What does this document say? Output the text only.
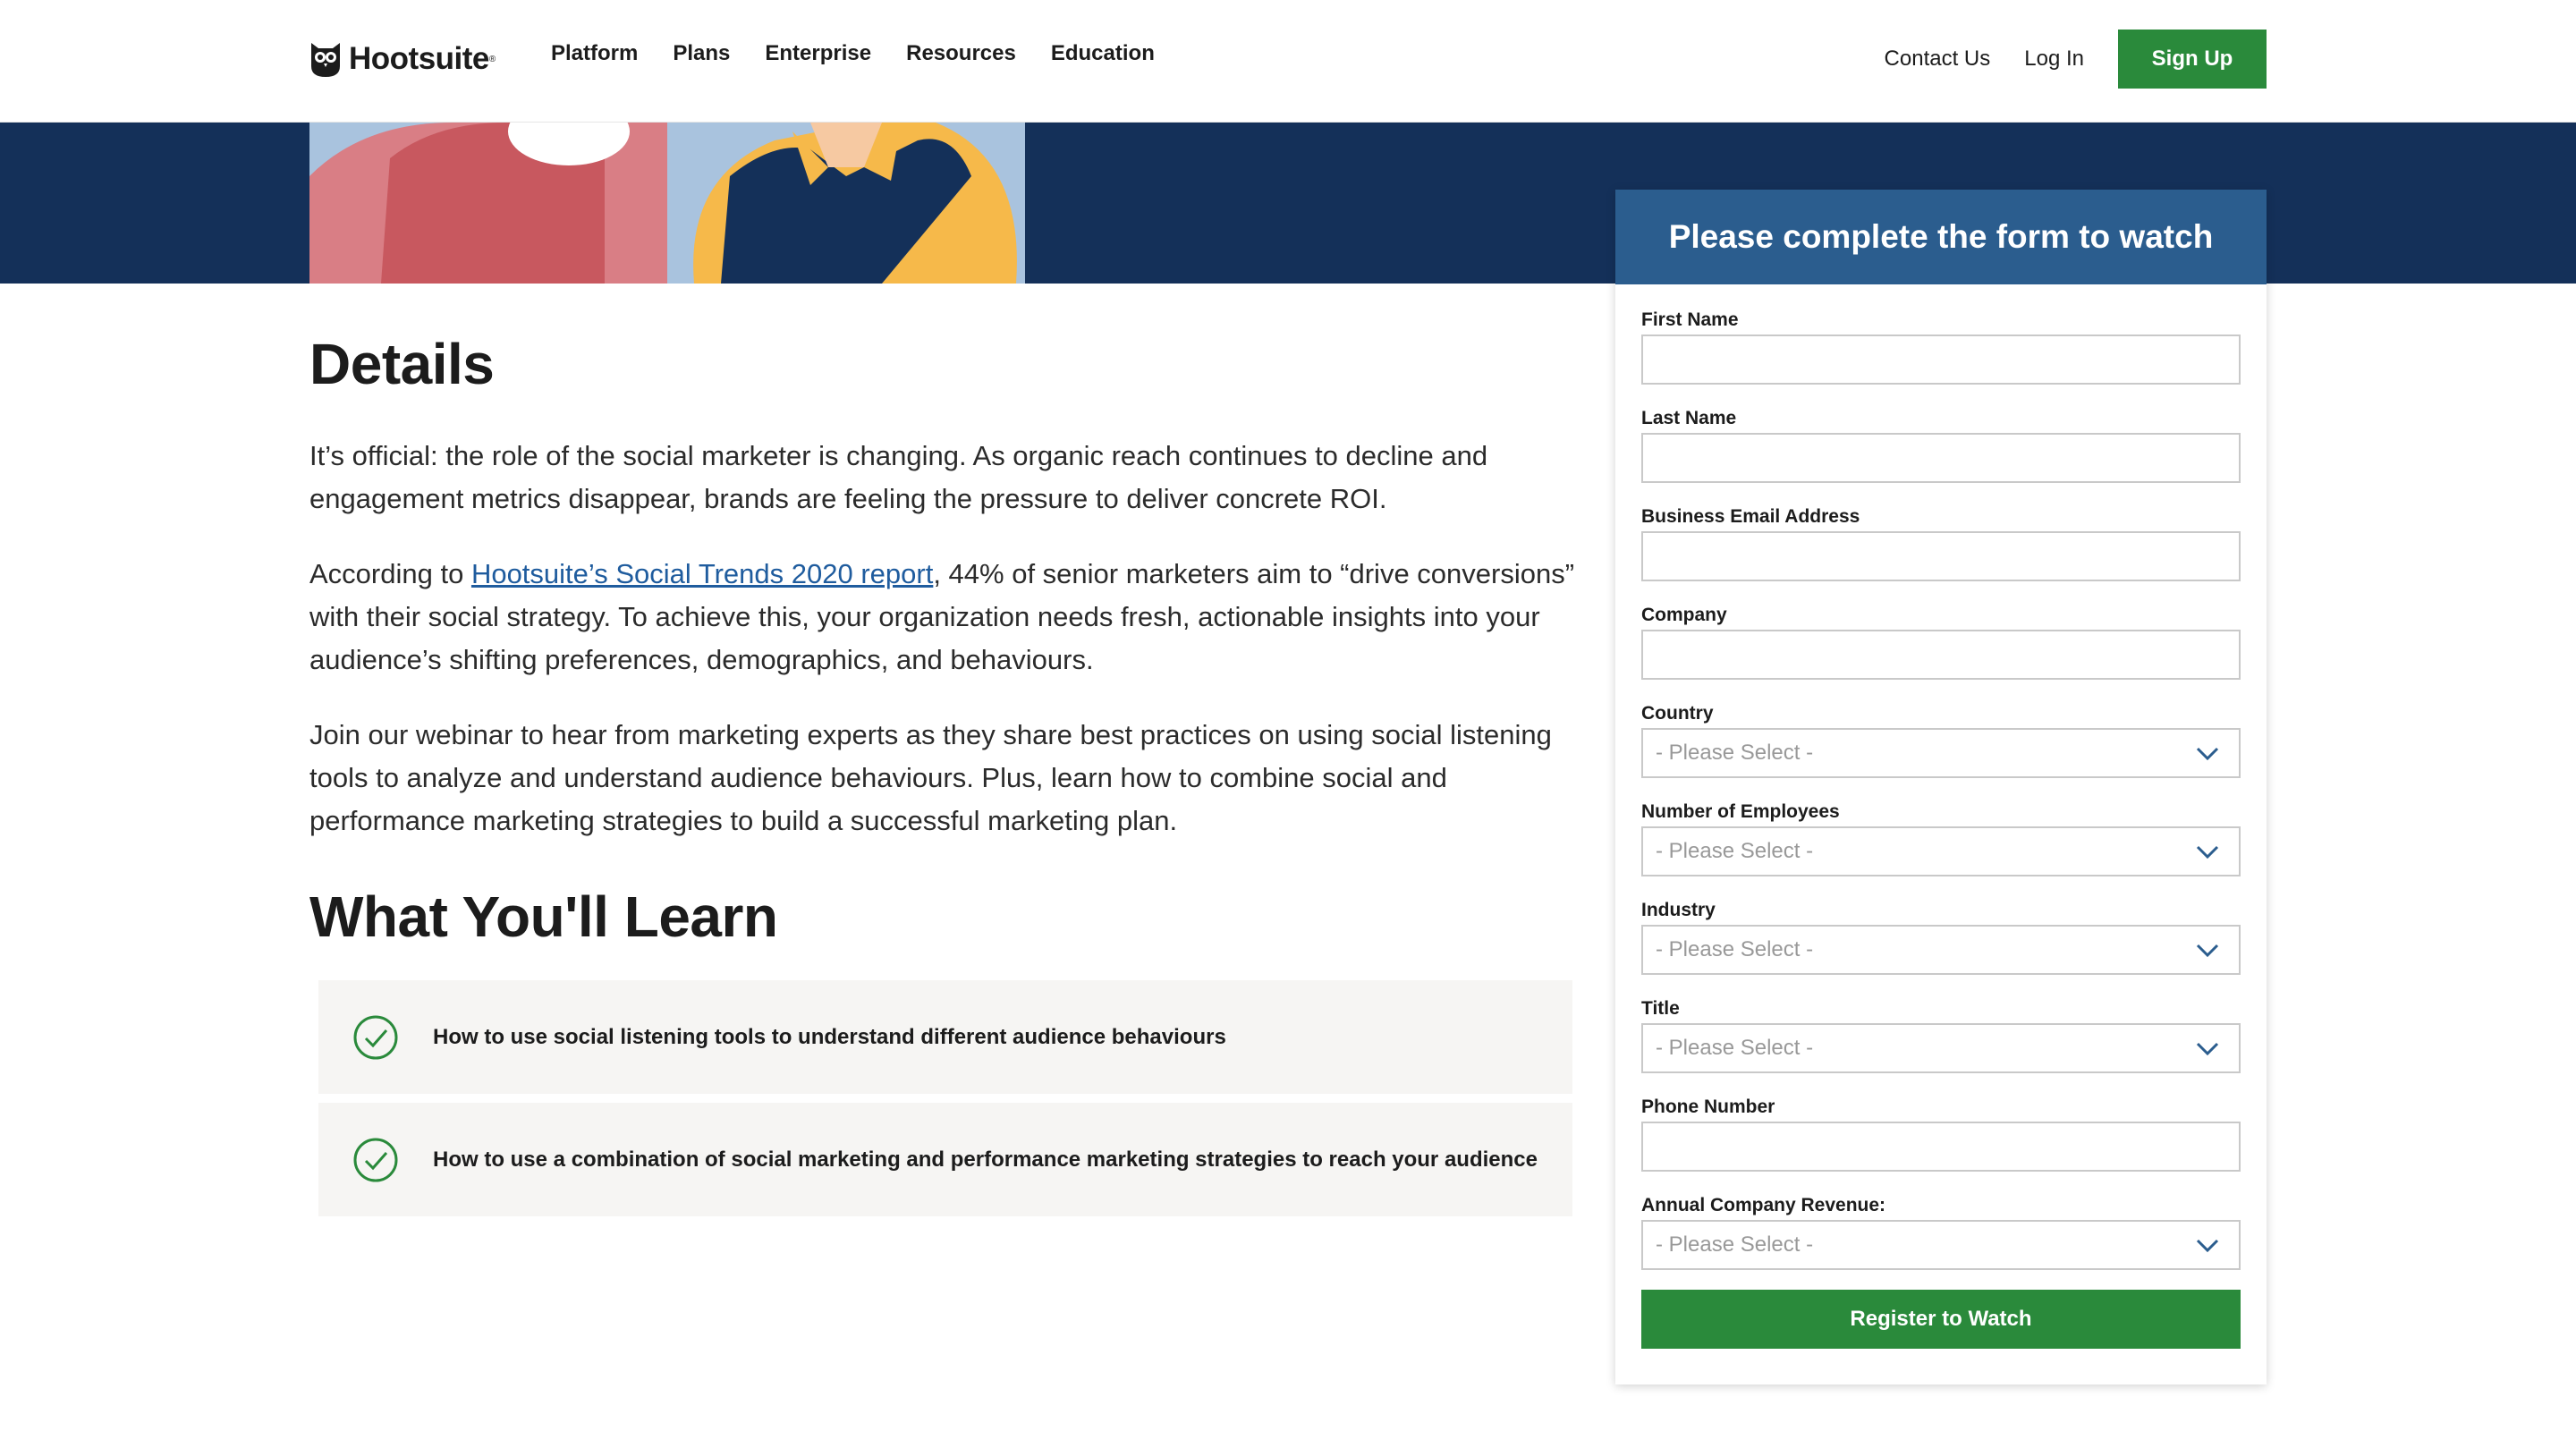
Hootsuite ®	Platform Plans Enterprise Resources Education	Contact Us Log In	Sign Up
Details

It’s official: the role of the social marketer is changing. As organic reach continues to decline and engagement metrics disappear, brands are feeling the pressure to deliver concrete ROI.

According to Hootsuite’s Social Trends 2020 report, 44% of senior marketers aim to “drive conversions” with their social strategy. To achieve this, your organization needs fresh, actionable insights into your audience’s shifting preferences, demographics, and behaviours.

Join our webinar to hear from marketing experts as they share best practices on using social listening tools to analyze and understand audience behaviours. Plus, learn how to combine social and performance marketing strategies to build a successful marketing plan.

What You'll Learn
How to use social listening tools to understand different audience behaviours
How to use a combination of social marketing and performance marketing strategies to reach your audience
Please complete the form to watch
First Name
Last Name
Business Email Address
Company
Country
- Please Select -
Number of Employees
- Please Select -
Industry
- Please Select -
Title
- Please Select -
Phone Number
Annual Company Revenue:
- Please Select -
Register to Watch
